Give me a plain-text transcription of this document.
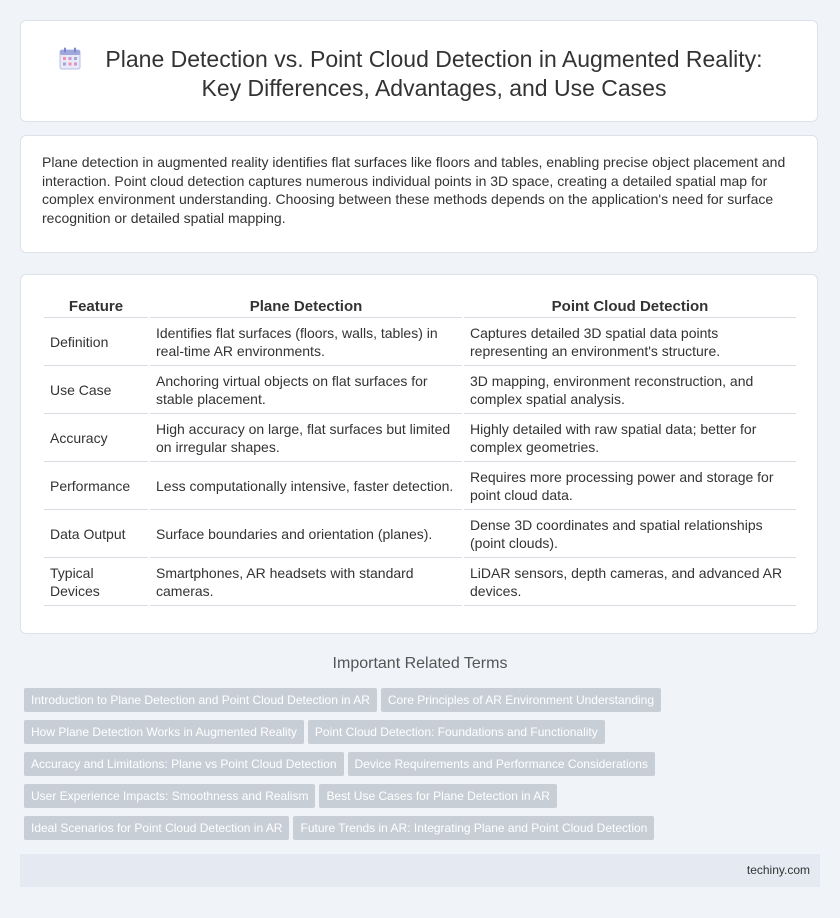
Plane Detection vs. Point Cloud Detection in Augmented Reality: Key Differences, Advantages, and Use Cases

Plane detection in augmented reality identifies flat surfaces like floors and tables, enabling precise object placement and interaction. Point cloud detection captures numerous individual points in 3D space, creating a detailed spatial map for complex environment understanding. Choosing between these methods depends on the application's need for surface recognition or detailed spatial mapping.

Feature	Plane Detection	Point Cloud Detection
Definition	Identifies flat surfaces (floors, walls, tables) in real-time AR environments.	Captures detailed 3D spatial data points representing an environment's structure.
Use Case	Anchoring virtual objects on flat surfaces for stable placement.	3D mapping, environment reconstruction, and complex spatial analysis.
Accuracy	High accuracy on large, flat surfaces but limited on irregular shapes.	Highly detailed with raw spatial data; better for complex geometries.
Performance	Less computationally intensive, faster detection.	Requires more processing power and storage for point cloud data.
Data Output	Surface boundaries and orientation (planes).	Dense 3D coordinates and spatial relationships (point clouds).
Typical Devices	Smartphones, AR headsets with standard cameras.	LiDAR sensors, depth cameras, and advanced AR devices.
Important Related Terms
Introduction to Plane Detection and Point Cloud Detection in AR Core Principles of AR Environment Understanding
How Plane Detection Works in Augmented Reality Point Cloud Detection: Foundations and Functionality
Accuracy and Limitations: Plane vs Point Cloud Detection Device Requirements and Performance Considerations
User Experience Impacts: Smoothness and Realism Best Use Cases for Plane Detection in AR
Ideal Scenarios for Point Cloud Detection in AR Future Trends in AR: Integrating Plane and Point Cloud Detection
techiny.com
